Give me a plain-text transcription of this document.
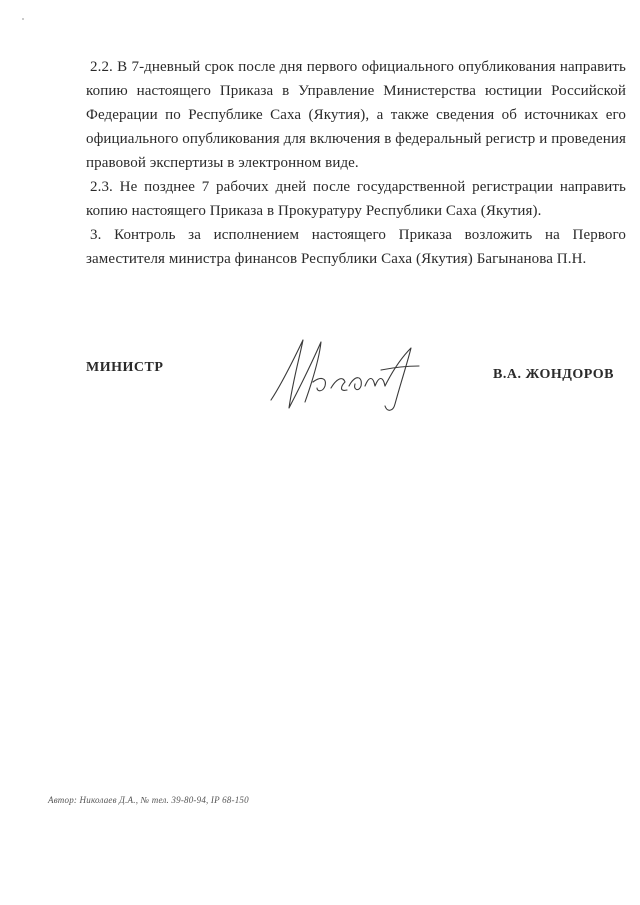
2.2. В 7-дневный срок после дня первого официального опубликования направить копию настоящего Приказа в Управление Министерства юстиции Российской Федерации по Республике Саха (Якутия), а также сведения об источниках его официального опубликования для включения в федеральный регистр и проведения правовой экспертизы в электронном виде.

2.3. Не позднее 7 рабочих дней после государственной регистрации направить копию настоящего Приказа в Прокуратуру Республики Саха (Якутия).

3. Контроль за исполнением настоящего Приказа возложить на Первого заместителя министра финансов Республики Саха (Якутия) Багынанова П.Н.

МИНИСТР	В.А. ЖОНДОРОВ
Автор: Николаев Д.А., № тел. 39-80-94, IP 68-150
